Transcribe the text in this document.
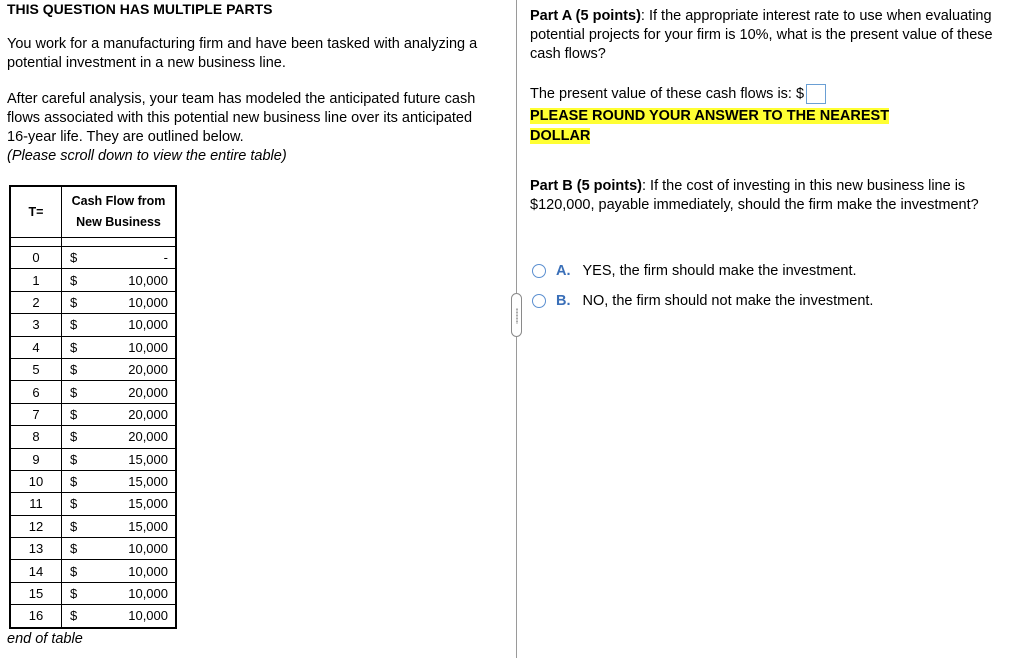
THIS QUESTION HAS MULTIPLE PARTS
You work for a manufacturing firm and have been tasked with analyzing a potential investment in a new business line.
After careful analysis, your team has modeled the anticipated future cash flows associated with this potential new business line over its anticipated 16-year life. They are outlined below.
(Please scroll down to view the entire table)
T=	Cash Flow from
New Business	

0	$	-
1	$	10,000
2	$	10,000
3	$	10,000
4	$	10,000
5	$	20,000
6	$	20,000
7	$	20,000
8	$	20,000
9	$	15,000
10	$	15,000
11	$	15,000
12	$	15,000
13	$	10,000
14	$	10,000
15	$	10,000
16	$	10,000
end of table
Part A (5 points): If the appropriate interest rate to use when evaluating potential projects for your firm is 10%, what is the present value of these cash flows?
The present value of these cash flows is: $
PLEASE ROUND YOUR ANSWER TO THE NEAREST DOLLAR
Part B (5 points): If the cost of investing in this new business line is $120,000, payable immediately, should the firm make the investment?
A. YES, the firm should make the investment.
B. NO, the firm should not make the investment.
